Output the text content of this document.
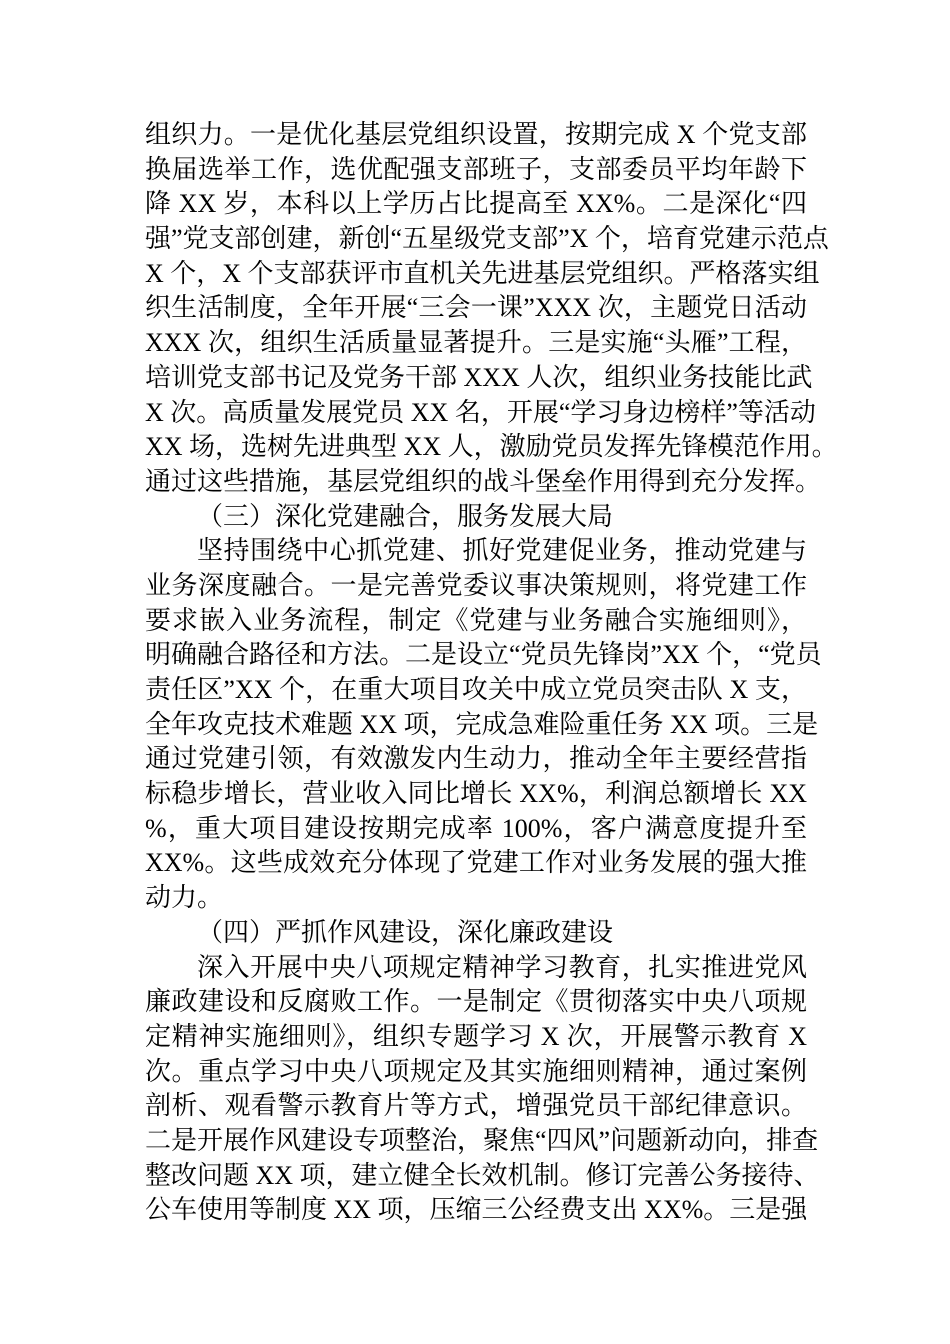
组织力。一是优化基层党组织设置，按期完成 X 个党支部
换届选举工作，选优配强支部班子，支部委员平均年龄下
降 XX 岁，本科以上学历占比提高至 XX%。二是深化“四
强”党支部创建，新创“五星级党支部”X 个，培育党建示范点
X 个，X 个支部获评市直机关先进基层党组织。严格落实组
织生活制度，全年开展“三会一课”XXX 次，主题党日活动
XXX 次，组织生活质量显著提升。三是实施“头雁”工程，
培训党支部书记及党务干部 XXX 人次，组织业务技能比武
X 次。高质量发展党员 XX 名，开展“学习身边榜样”等活动
XX 场，选树先进典型 XX 人，激励党员发挥先锋模范作用。
通过这些措施，基层党组织的战斗堡垒作用得到充分发挥。
（三）深化党建融合，服务发展大局
坚持围绕中心抓党建、抓好党建促业务，推动党建与
业务深度融合。一是完善党委议事决策规则，将党建工作
要求嵌入业务流程，制定《党建与业务融合实施细则》，
明确融合路径和方法。二是设立“党员先锋岗”XX 个，“党员
责任区”XX 个，在重大项目攻关中成立党员突击队 X 支，
全年攻克技术难题 XX 项，完成急难险重任务 XX 项。三是
通过党建引领，有效激发内生动力，推动全年主要经营指
标稳步增长，营业收入同比增长 XX%，利润总额增长 XX
%，重大项目建设按期完成率 100%，客户满意度提升至
XX%。这些成效充分体现了党建工作对业务发展的强大推
动力。
（四）严抓作风建设，深化廉政建设
深入开展中央八项规定精神学习教育，扎实推进党风
廉政建设和反腐败工作。一是制定《贯彻落实中央八项规
定精神实施细则》，组织专题学习 X 次，开展警示教育 X
次。重点学习中央八项规定及其实施细则精神，通过案例
剖析、观看警示教育片等方式，增强党员干部纪律意识。
二是开展作风建设专项整治，聚焦“四风”问题新动向，排查
整改问题 XX 项，建立健全长效机制。修订完善公务接待、
公车使用等制度 XX 项，压缩三公经费支出 XX%。三是强
